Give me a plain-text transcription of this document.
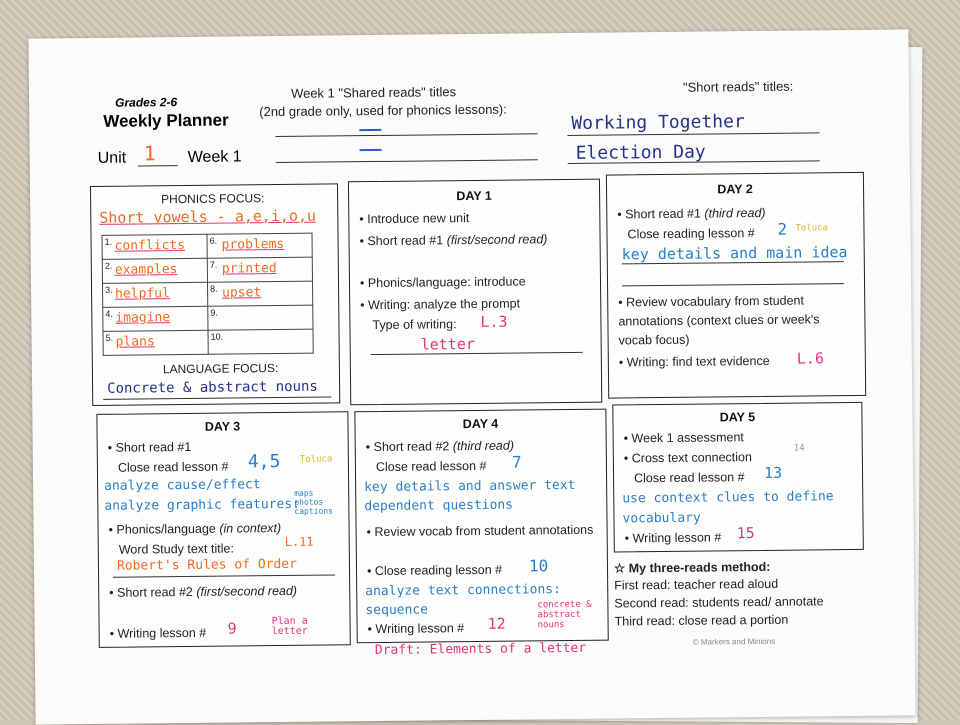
Grades 2-6
Weekly Planner
Unit 1 Week 1
Week 1 "Shared reads" titles
(2nd grade only, used for phonics lessons):
"Short reads" titles:
Working Together
Election Day
PHONICS FOCUS:
Short vowels - a,e,i,o,u
1. conflicts	6. problems

2. examples	7. printed

3. helpful	8. upset

4. imagine	9.

5. plans	10.
LANGUAGE FOCUS:
Concrete & abstract nouns
DAY 1
• Introduce new unit
• Short read #1 (first/second read)
• Phonics/language: introduce
• Writing: analyze the prompt
Type of writing: L.3
letter
DAY 2
• Short read #1 (third read)
Close reading lesson # 2 Toluca
key details and main idea
• Review vocabulary from student annotations (context clues or week's vocab focus)
• Writing: find text evidence L.6
DAY 3
• Short read #1
Close read lesson # 4,5 Toluca
analyze cause/effect
analyze graphic features:
maps photos captions
• Phonics/language (in context)
Word Study text title:	L.11
Robert's Rules of Order
• Short read #2 (first/second read)
• Writing lesson # 9	Plan a letter
DAY 4
• Short read #2 (third read)
Close read lesson # 7
key details and answer text dependent questions
• Review vocab from student annotations
• Close reading lesson # 10
analyze text connections: sequence
• Writing lesson # 12
concrete & abstract nouns
Draft: Elements of a letter
DAY 5
• Week 1 assessment
• Cross text connection
14
Close read lesson # 13
use context clues to define vocabulary
• Writing lesson # 15
☆ My three-reads method:
First read: teacher read aloud
Second read: students read/ annotate
Third read: close read a portion
© Markers and Minions
